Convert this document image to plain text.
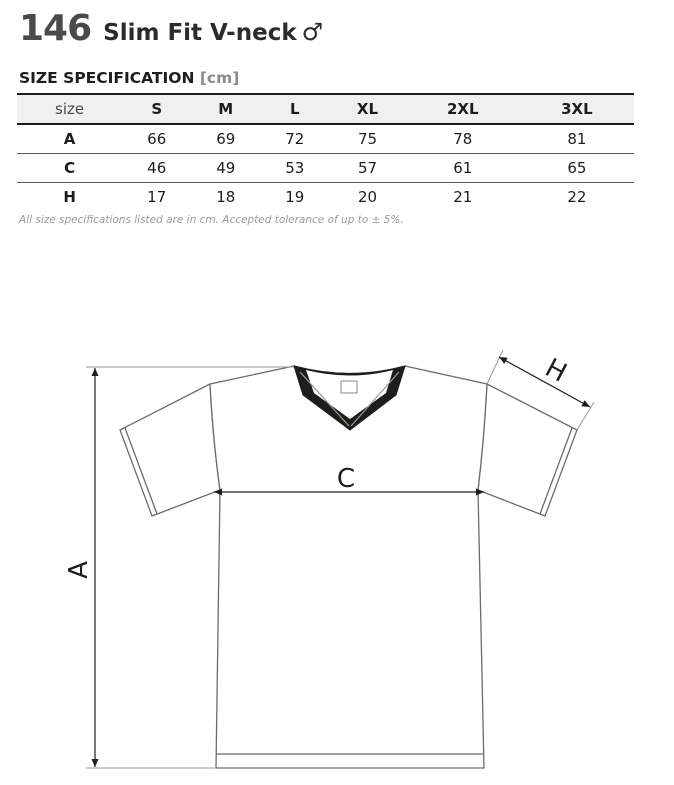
146 Slim Fit V-neck ♂
SIZE SPECIFICATION [cm]
size	S	M	L	XL	2XL	3XL
A	66	69	72	75	78	81
C	46	49	53	57	61	65
H	17	18	19	20	21	22
All size specifications listed are in cm. Accepted tolerance of up to ± 5%.
A
C
H
